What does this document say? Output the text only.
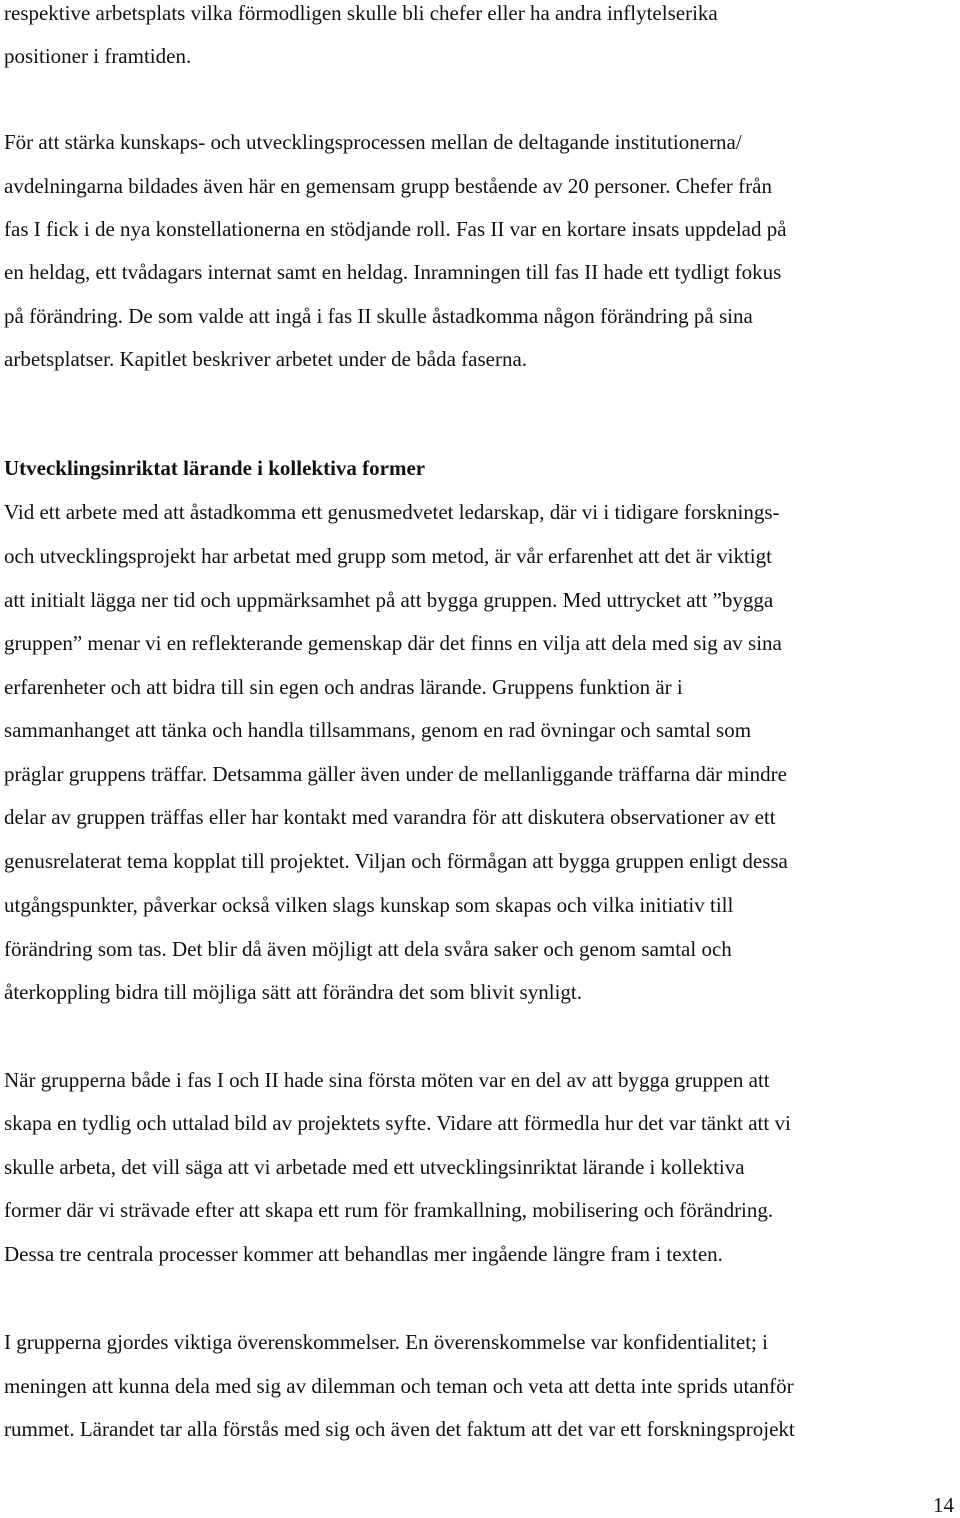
respektive arbetsplats vilka förmodligen skulle bli chefer eller ha andra inflytelserika
positioner i framtiden.
För att stärka kunskaps- och utvecklingsprocessen mellan de deltagande institutionerna/
avdelningarna bildades även här en gemensam grupp bestående av 20 personer. Chefer från
fas I fick i de nya konstellationerna en stödjande roll. Fas II var en kortare insats uppdelad på
en heldag, ett tvådagars internat samt en heldag. Inramningen till fas II hade ett tydligt fokus
på förändring. De som valde att ingå i fas II skulle åstadkomma någon förändring på sina
arbetsplatser. Kapitlet beskriver arbetet under de båda faserna.
Utvecklingsinriktat lärande i kollektiva former
Vid ett arbete med att åstadkomma ett genusmedvetet ledarskap, där vi i tidigare forsknings-
och utvecklingsprojekt har arbetat med grupp som metod, är vår erfarenhet att det är viktigt
att initialt lägga ner tid och uppmärksamhet på att bygga gruppen. Med uttrycket att ”bygga
gruppen” menar vi en reflekterande gemenskap där det finns en vilja att dela med sig av sina
erfarenheter och att bidra till sin egen och andras lärande. Gruppens funktion är i
sammanhanget att tänka och handla tillsammans, genom en rad övningar och samtal som
präglar gruppens träffar. Detsamma gäller även under de mellanliggande träffarna där mindre
delar av gruppen träffas eller har kontakt med varandra för att diskutera observationer av ett
genusrelaterat tema kopplat till projektet. Viljan och förmågan att bygga gruppen enligt dessa
utgångspunkter, påverkar också vilken slags kunskap som skapas och vilka initiativ till
förändring som tas. Det blir då även möjligt att dela svåra saker och genom samtal och
återkoppling bidra till möjliga sätt att förändra det som blivit synligt.
När grupperna både i fas I och II hade sina första möten var en del av att bygga gruppen att
skapa en tydlig och uttalad bild av projektets syfte. Vidare att förmedla hur det var tänkt att vi
skulle arbeta, det vill säga att vi arbetade med ett utvecklingsinriktat lärande i kollektiva
former där vi strävade efter att skapa ett rum för framkallning, mobilisering och förändring.
Dessa tre centrala processer kommer att behandlas mer ingående längre fram i texten.
I grupperna gjordes viktiga överenskommelser. En överenskommelse var konfidentialitet; i
meningen att kunna dela med sig av dilemman och teman och veta att detta inte sprids utanför
rummet. Lärandet tar alla förstås med sig och även det faktum att det var ett forskningsprojekt
14
